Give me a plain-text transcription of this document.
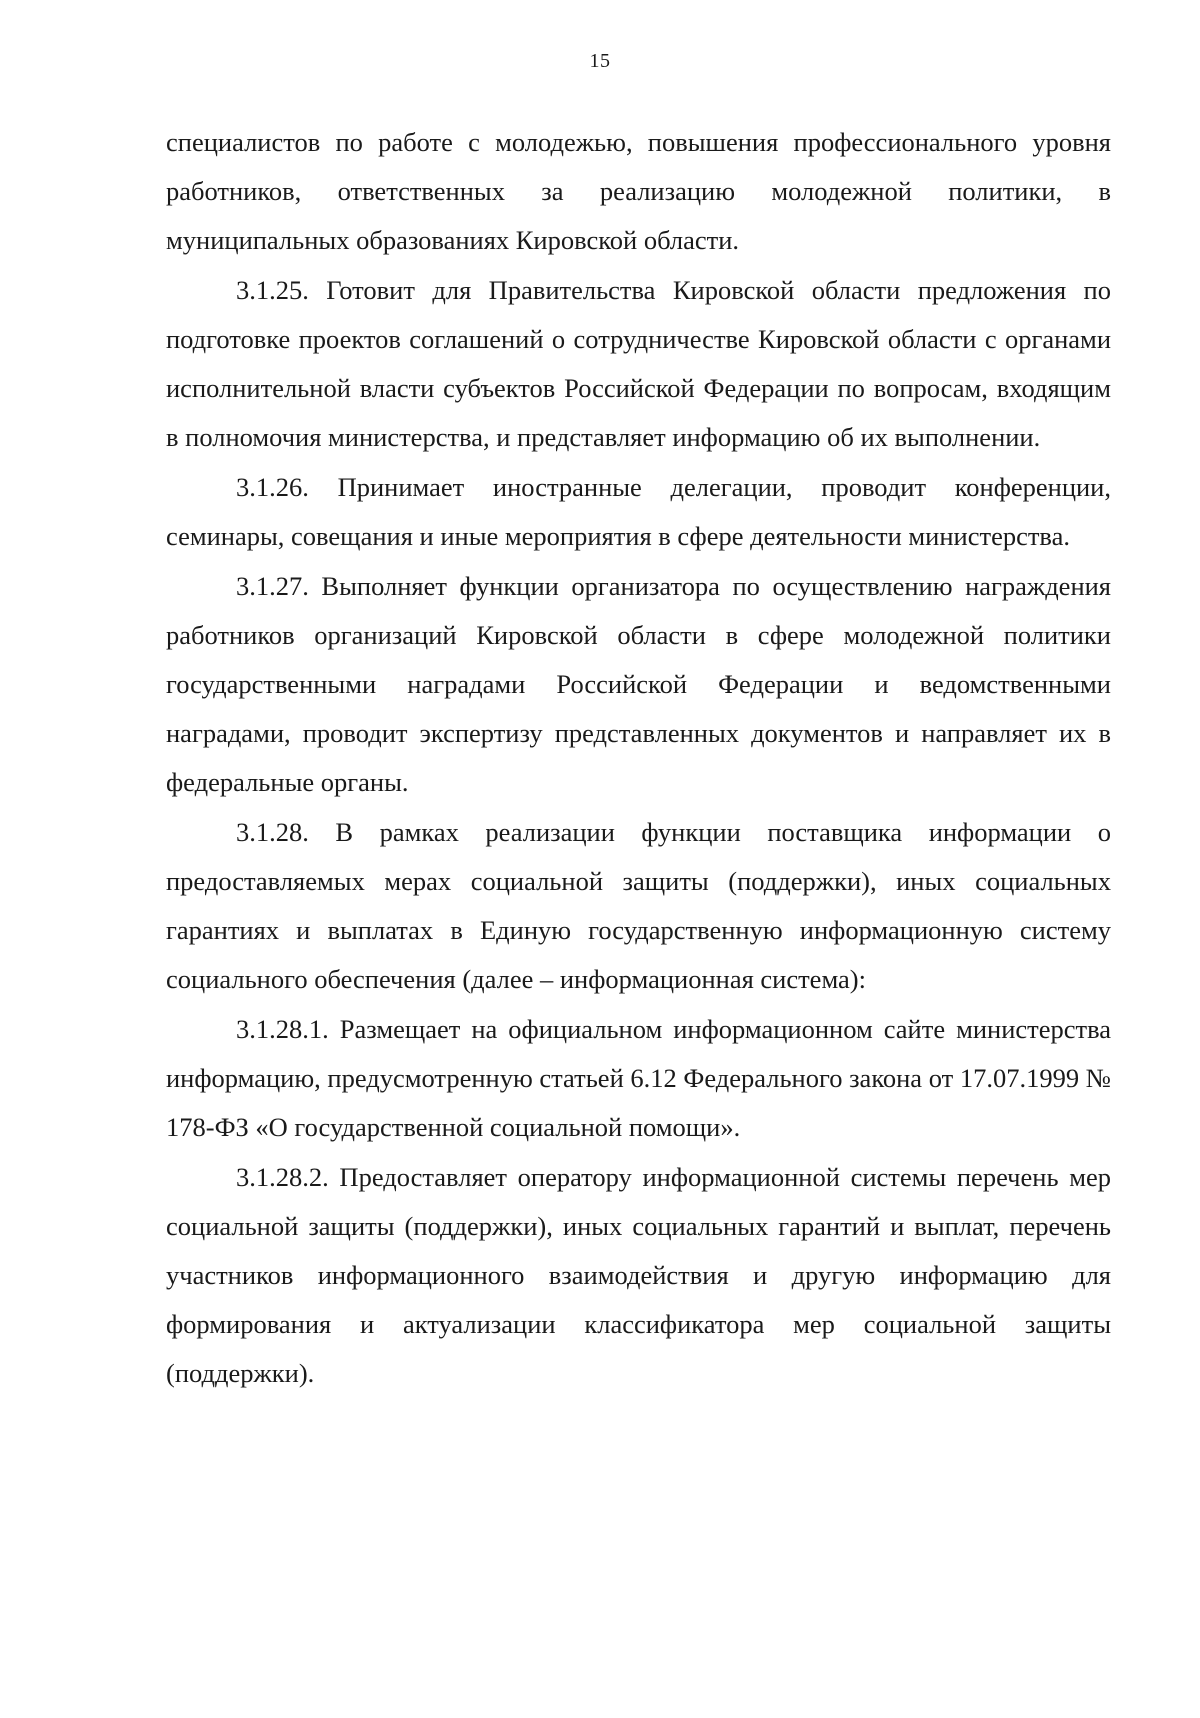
15

специалистов по работе с молодежью, повышения профессионального уровня работников, ответственных за реализацию молодежной политики, в муниципальных образованиях Кировской области.

3.1.25. Готовит для Правительства Кировской области предложения по подготовке проектов соглашений о сотрудничестве Кировской области с органами исполнительной власти субъектов Российской Федерации по вопросам, входящим в полномочия министерства, и представляет информацию об их выполнении.

3.1.26. Принимает иностранные делегации, проводит конференции, семинары, совещания и иные мероприятия в сфере деятельности министерства.

3.1.27. Выполняет функции организатора по осуществлению награждения работников организаций Кировской области в сфере молодежной политики государственными наградами Российской Федерации и ведомственными наградами, проводит экспертизу представленных документов и направляет их в федеральные органы.

3.1.28. В рамках реализации функции поставщика информации о предоставляемых мерах социальной защиты (поддержки), иных социальных гарантиях и выплатах в Единую государственную информационную систему социального обеспечения (далее – информационная система):

3.1.28.1. Размещает на официальном информационном сайте министерства информацию, предусмотренную статьей 6.12 Федерального закона от 17.07.1999 № 178-ФЗ «О государственной социальной помощи».

3.1.28.2. Предоставляет оператору информационной системы перечень мер социальной защиты (поддержки), иных социальных гарантий и выплат, перечень участников информационного взаимодействия и другую информацию для формирования и актуализации классификатора мер социальной защиты (поддержки).
